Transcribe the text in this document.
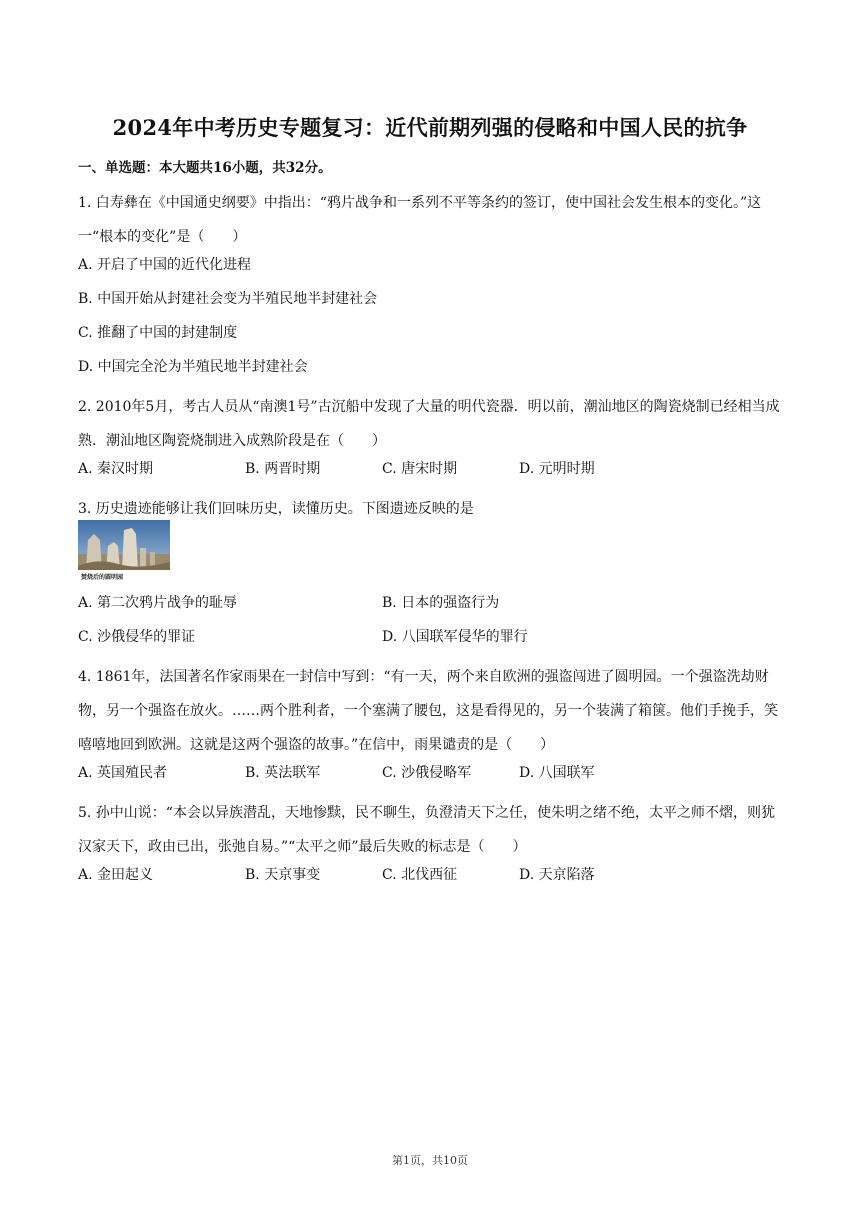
2024年中考历史专题复习：近代前期列强的侵略和中国人民的抗争
一、单选题：本大题共16小题，共32分。
1. 白寿彝在《中国通史纲要》中指出：“鸦片战争和一系列不平等条约的签订，使中国社会发生根本的变化。”这一“根本的变化”是（　　）
A. 开启了中国的近代化进程
B. 中国开始从封建社会变为半殖民地半封建社会
C. 推翻了中国的封建制度
D. 中国完全沦为半殖民地半封建社会
2. 2010年5月，考古人员从“南澳1号”古沉船中发现了大量的明代瓷器．明以前，潮汕地区的陶瓷烧制已经相当成熟．潮汕地区陶瓷烧制进入成熟阶段是在（　　）
A. 秦汉时期	B. 两晋时期	C. 唐宋时期	D. 元明时期
3. 历史遗迹能够让我们回味历史，读懂历史。下图遗迹反映的是
焚烧后的圆明园
A. 第二次鸦片战争的耻辱	B. 日本的强盗行为
C. 沙俄侵华的罪证	D. 八国联军侵华的罪行
4. 1861年，法国著名作家雨果在一封信中写到：“有一天，两个来自欧洲的强盗闯进了圆明园。一个强盗洗劫财物，另一个强盗在放火。……两个胜利者，一个塞满了腰包，这是看得见的，另一个装满了箱箧。他们手挽手，笑嘻嘻地回到欧洲。这就是这两个强盗的故事。”在信中，雨果谴责的是（　　）
A. 英国殖民者	B. 英法联军	C. 沙俄侵略军	D. 八国联军
5. 孙中山说：“本会以异族潜乱，天地惨黩，民不聊生，负澄清天下之任，使朱明之绪不绝，太平之师不熠，则犹汉家天下，政由已出，张弛自易。”“太平之师”最后失败的标志是（　　）
A. 金田起义	B. 天京事变	C. 北伐西征	D. 天京陷落
第1页，共10页
